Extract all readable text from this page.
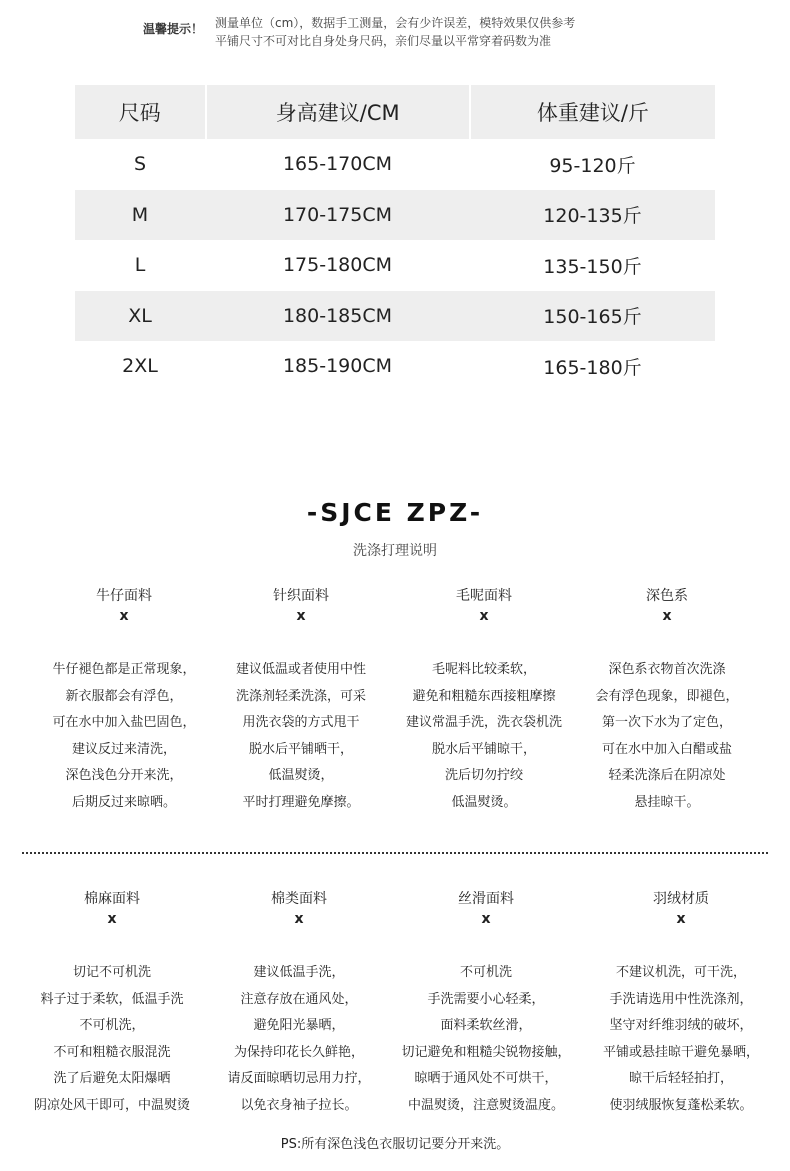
温馨提示！ 测量单位（cm），数据手工测量，会有少许误差，模特效果仅供参考
平铺尺寸不可对比自身处身尺码，亲们尽量以平常穿着码数为准
尺码	身高建议/CM	体重建议/斤
S	165-170CM	95-120斤
M	170-175CM	120-135斤
L	175-180CM	135-150斤
XL	180-185CM	150-165斤
2XL	185-190CM	165-180斤
-SJCE ZPZ-
洗涤打理说明
牛仔面料
x
牛仔褪色都是正常现象，
新衣服都会有浮色，
可在水中加入盐巴固色，
建议反过来清洗，
深色浅色分开来洗，
后期反过来晾晒。
针织面料
x
建议低温或者使用中性
洗涤剂轻柔洗涤，可采
用洗衣袋的方式甩干
脱水后平铺晒干，
低温熨烫，
平时打理避免摩擦。
毛呢面料
x
毛呢料比较柔软，
避免和粗糙东西接粗摩擦
建议常温手洗，洗衣袋机洗
脱水后平铺晾干，
洗后切勿拧绞
低温熨烫。
深色系
x
深色系衣物首次洗涤
会有浮色现象，即褪色，
第一次下水为了定色，
可在水中加入白醋或盐
轻柔洗涤后在阴凉处
悬挂晾干。
棉麻面料
x
切记不可机洗
料子过于柔软，低温手洗
不可机洗，
不可和粗糙衣服混洗
洗了后避免太阳爆晒
阴凉处风干即可，中温熨烫
棉类面料
x
建议低温手洗，
注意存放在通风处，
避免阳光暴晒，
为保持印花长久鲜艳，
请反面晾晒切忌用力拧，
以免衣身袖子拉长。
丝滑面料
x
不可机洗
手洗需要小心轻柔，
面料柔软丝滑，
切记避免和粗糙尖锐物接触，
晾晒于通风处不可烘干，
中温熨烫，注意熨烫温度。
羽绒材质
x
不建议机洗，可干洗，
手洗请选用中性洗涤剂，
坚守对纤维羽绒的破坏，
平铺或悬挂晾干避免暴晒，
晾干后轻轻拍打，
使羽绒服恢复蓬松柔软。
PS:所有深色浅色衣服切记要分开来洗。
